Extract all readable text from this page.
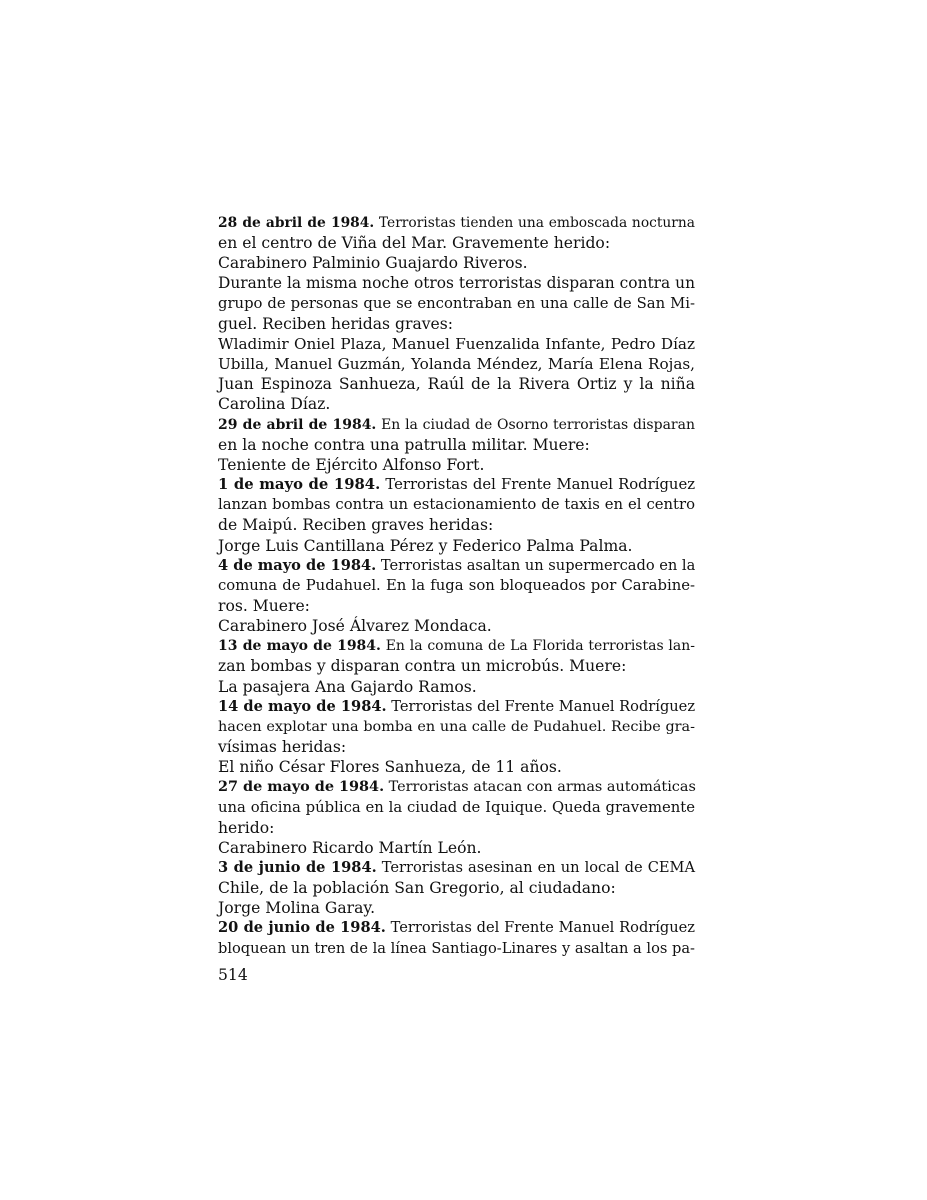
28 de abril de 1984. Terroristas tienden una emboscada nocturna
en el centro de Viña del Mar. Gravemente herido:
Carabinero Palminio Guajardo Riveros.
Durante la misma noche otros terroristas disparan contra un
grupo de personas que se encontraban en una calle de San Mi-
guel. Reciben heridas graves:
Wladimir Oniel Plaza, Manuel Fuenzalida Infante, Pedro Díaz
Ubilla, Manuel Guzmán, Yolanda Méndez, María Elena Rojas,
Juan Espinoza Sanhueza, Raúl de la Rivera Ortiz y la niña
Carolina Díaz.
29 de abril de 1984. En la ciudad de Osorno terroristas disparan
en la noche contra una patrulla militar. Muere:
Teniente de Ejército Alfonso Fort.
1 de mayo de 1984. Terroristas del Frente Manuel Rodríguez
lanzan bombas contra un estacionamiento de taxis en el centro
de Maipú. Reciben graves heridas:
Jorge Luis Cantillana Pérez y Federico Palma Palma.
4 de mayo de 1984. Terroristas asaltan un supermercado en la
comuna de Pudahuel. En la fuga son bloqueados por Carabine-
ros. Muere:
Carabinero José Álvarez Mondaca.
13 de mayo de 1984. En la comuna de La Florida terroristas lan-
zan bombas y disparan contra un microbús. Muere:
La pasajera Ana Gajardo Ramos.
14 de mayo de 1984. Terroristas del Frente Manuel Rodríguez
hacen explotar una bomba en una calle de Pudahuel. Recibe gra-
vísimas heridas:
El niño César Flores Sanhueza, de 11 años.
27 de mayo de 1984. Terroristas atacan con armas automáticas
una oficina pública en la ciudad de Iquique. Queda gravemente
herido:
Carabinero Ricardo Martín León.
3 de junio de 1984. Terroristas asesinan en un local de CEMA
Chile, de la población San Gregorio, al ciudadano:
Jorge Molina Garay.
20 de junio de 1984. Terroristas del Frente Manuel Rodríguez
bloquean un tren de la línea Santiago-Linares y asaltan a los pa-
514
